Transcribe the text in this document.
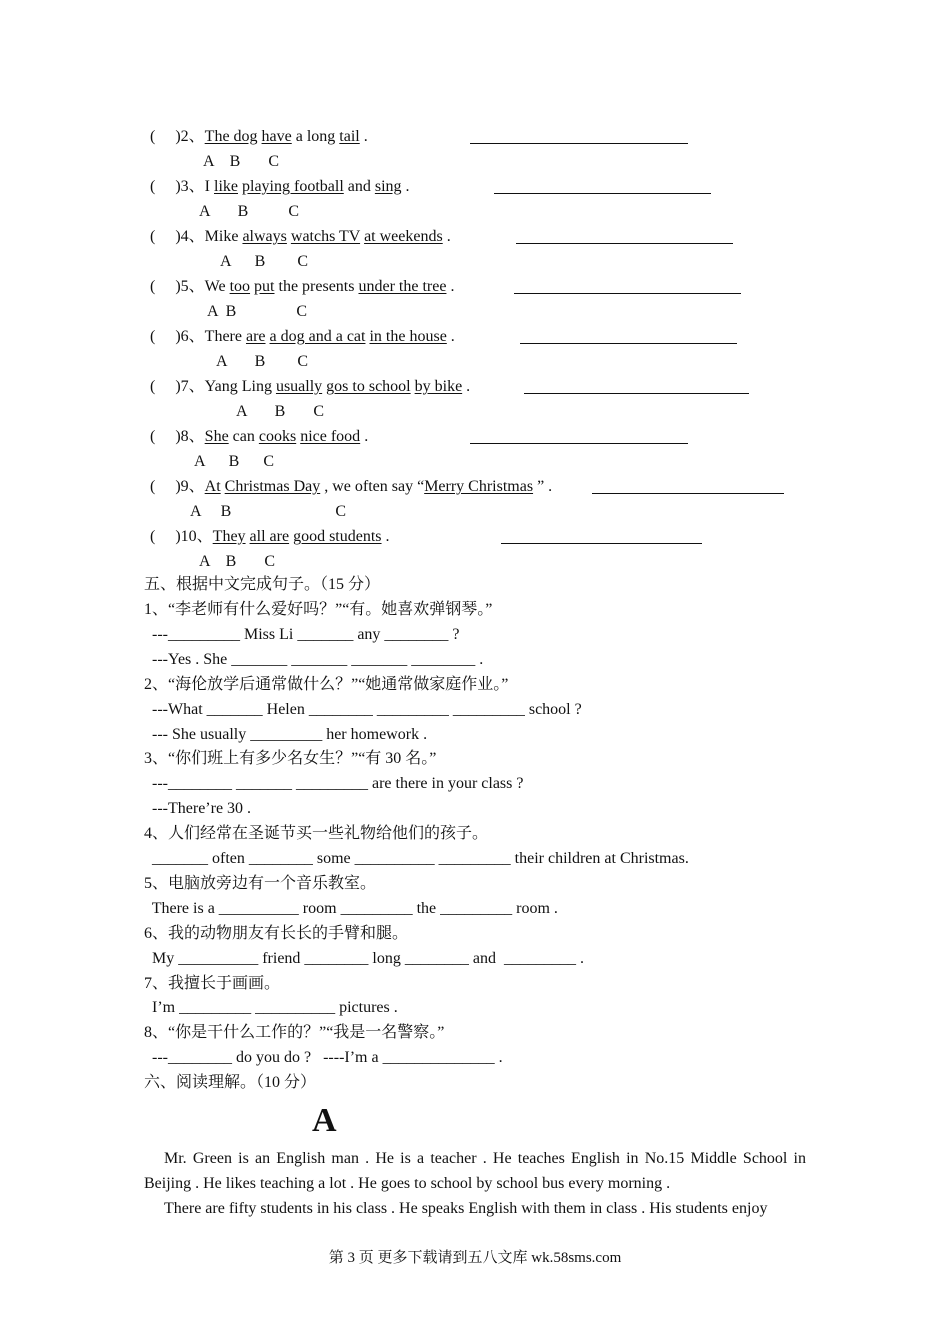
(     )2、The dog have a long tail .
A    B       C
(     )3、I like playing football and sing .
A       B          C
(     )4、Mike always watchs TV at weekends .
A      B        C
(     )5、We too put the presents under the tree .
A  B               C
(     )6、There are a dog and a cat in the house .
A       B        C
(     )7、Yang Ling usually gos to school by bike .
A       B       C
(     )8、She can cooks nice food .
A      B      C
(     )9、At Christmas Day , we often say “Merry Christmas ” .
A     B                          C
(     )10、They all are good students .
A    B       C
五、根据中文完成句子。（15 分）
1、“李老师有什么爱好吗？”“有。她喜欢弹钢琴。”
---_________ Miss Li _______ any ________ ?
---Yes . She _______ _______ _______ ________ .
2、“海伦放学后通常做什么？”“她通常做家庭作业。”
---What _______ Helen ________ _________ _________ school ?
--- She usually _________ her homework .
3、“你们班上有多少名女生？”“有 30 名。”
---________ _______ _________ are there in your class ?
---There’re 30 .
4、人们经常在圣诞节买一些礼物给他们的孩子。
_______ often ________ some __________ _________ their children at Christmas.
5、电脑放旁边有一个音乐教室。
There is a __________ room _________ the _________ room .
6、我的动物朋友有长长的手臂和腿。
My __________ friend ________ long ________ and  _________ .
7、我擅长于画画。
I’m _________ __________ pictures .
8、“你是干什么工作的？”“我是一名警察。”
---________ do you do ?   ----I’m a ______________ .
六、阅读理解。（10 分）
A
Mr. Green is an English man . He is a teacher . He teaches English in No.15 Middle School in Beijing . He likes teaching a lot . He goes to school by school bus every morning .
There are fifty students in his class . He speaks English with them in class . His students enjoy
第 3 页 更多下载请到五八文库 wk.58sms.com
